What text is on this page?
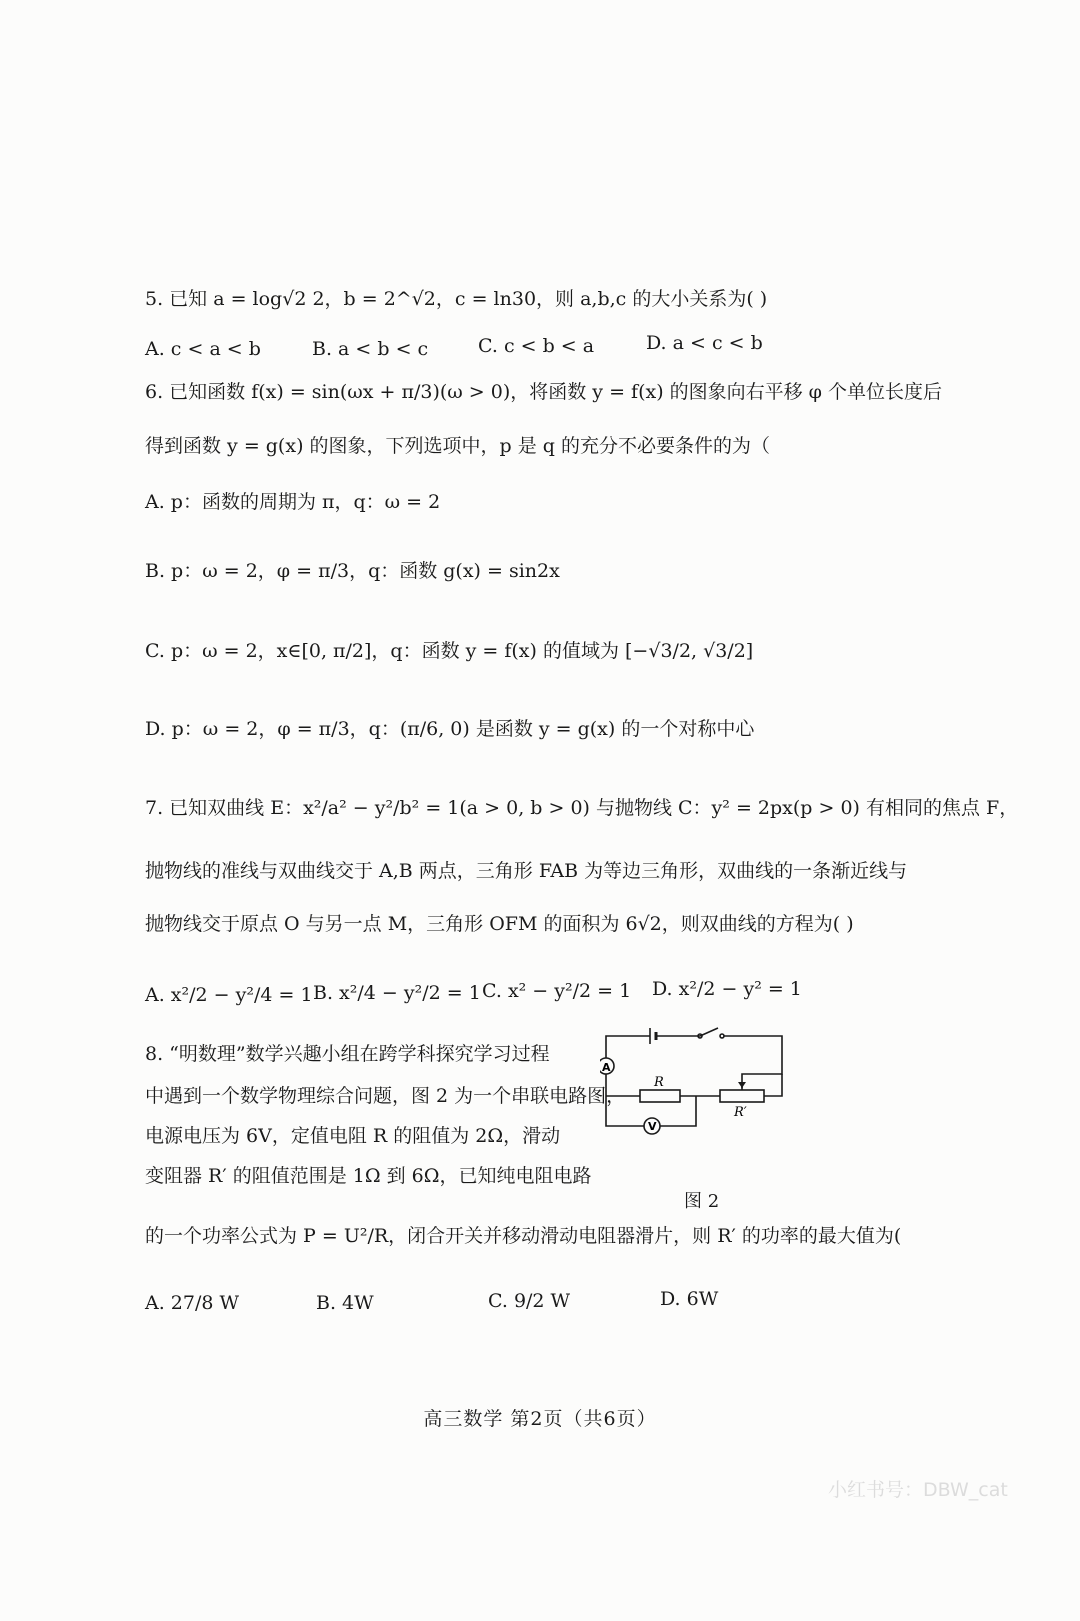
5. 已知 a = log√2 2，b = 2^√2，c = ln30，则 a,b,c 的大小关系为( )
A. c < a < b	B. a < b < c	C. c < b < a	D. a < c < b
6. 已知函数 f(x) = sin(ωx + π/3)(ω > 0)，将函数 y = f(x) 的图象向右平移 φ 个单位长度后
得到函数 y = g(x) 的图象，下列选项中，p 是 q 的充分不必要条件的为（
A. p：函数的周期为 π，q：ω = 2
B. p：ω = 2，φ = π/3，q：函数 g(x) = sin2x
C. p：ω = 2，x∈[0, π/2]，q：函数 y = f(x) 的值域为 [−√3/2, √3/2]
D. p：ω = 2，φ = π/3，q：(π/6, 0) 是函数 y = g(x) 的一个对称中心
7. 已知双曲线 E：x²/a² − y²/b² = 1(a > 0, b > 0) 与抛物线 C：y² = 2px(p > 0) 有相同的焦点 F，
抛物线的准线与双曲线交于 A,B 两点，三角形 FAB 为等边三角形，双曲线的一条渐近线与
抛物线交于原点 O 与另一点 M，三角形 OFM 的面积为 6√2，则双曲线的方程为( )
A. x²/2 − y²/4 = 1 B. x²/4 − y²/2 = 1 C. x² − y²/2 = 1 D. x²/2 − y² = 1
8. “明数理”数学兴趣小组在跨学科探究学习过程
中遇到一个数学物理综合问题，图 2 为一个串联电路图，
电源电压为 6V，定值电阻 R 的阻值为 2Ω，滑动
变阻器 R′ 的阻值范围是 1Ω 到 6Ω，已知纯电阻电路
的一个功率公式为 P = U²/R，闭合开关并移动滑动电阻器滑片，则 R′ 的功率的最大值为(
A
V
R
R′
图 2
A. 27/8 W	B. 4W	C. 9/2 W	D. 6W
高三数学 第2页（共6页）
小红书号：DBW_cat
